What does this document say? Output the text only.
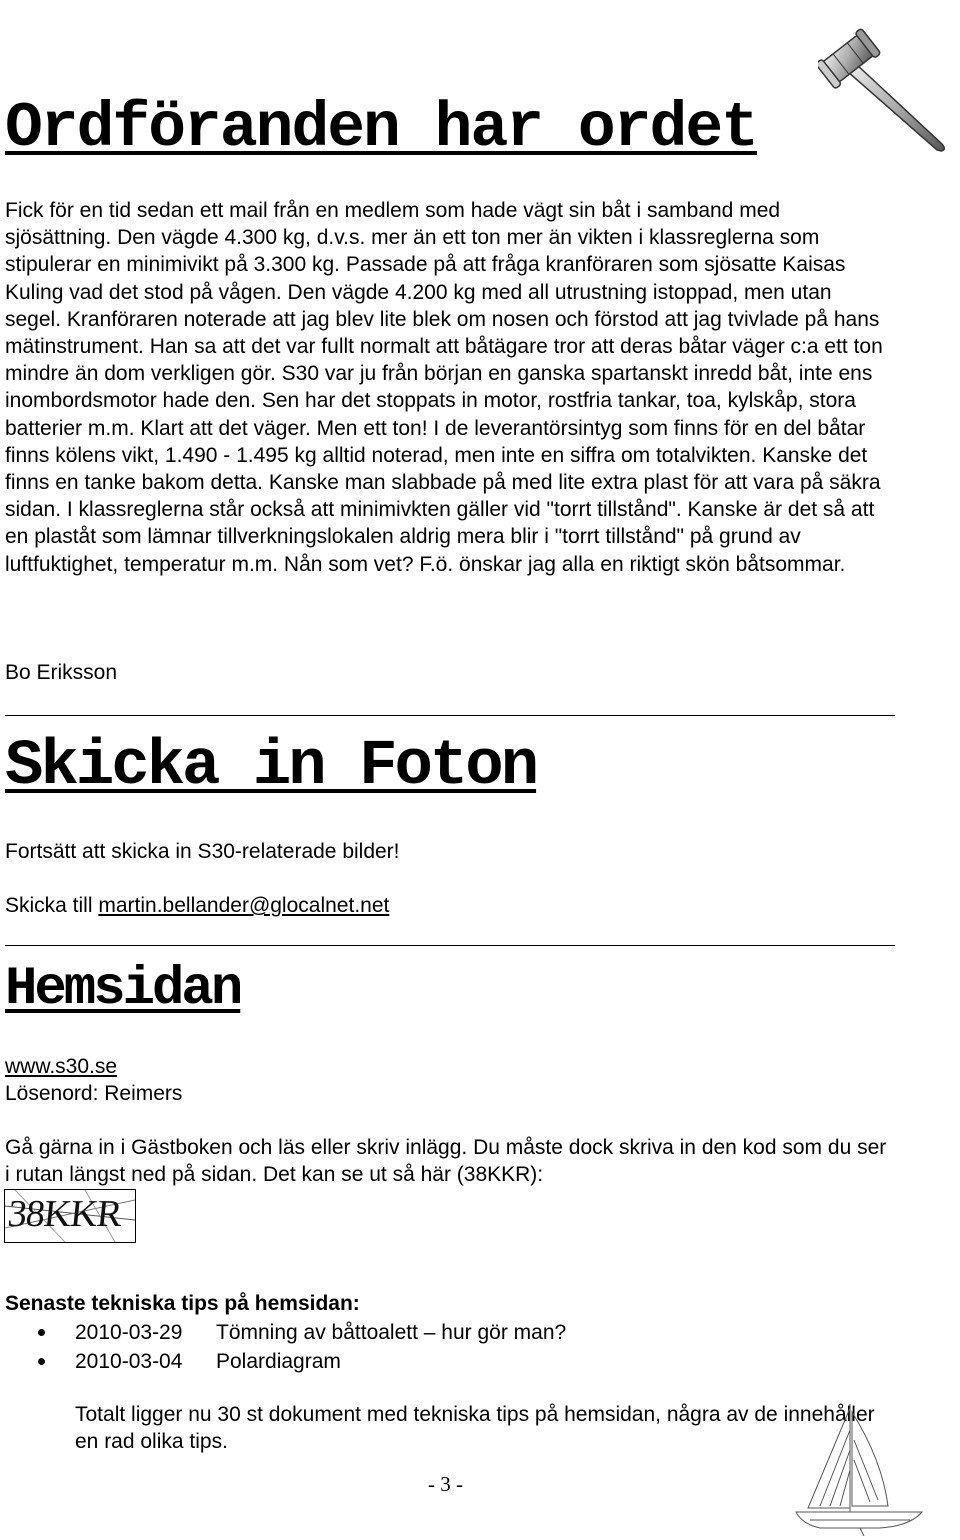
Ordföranden har ordet

Fick för en tid sedan ett mail från en medlem som hade vägt sin båt i samband med sjösättning. Den vägde 4.300 kg, d.v.s. mer än ett ton mer än vikten i klassreglerna som stipulerar en minimivikt på 3.300 kg. Passade på att fråga kranföraren som sjösatte Kaisas Kuling vad det stod på vågen. Den vägde 4.200 kg med all utrustning istoppad, men utan segel. Kranföraren noterade att jag blev lite blek om nosen och förstod att jag tvivlade på hans mätinstrument. Han sa att det var fullt normalt att båtägare tror att deras båtar väger c:a ett ton mindre än dom verkligen gör. S30 var ju från början en ganska spartanskt inredd båt, inte ens inombordsmotor hade den. Sen har det stoppats in motor, rostfria tankar, toa, kylskåp, stora batterier m.m. Klart att det väger. Men ett ton! I de leverantörsintyg som finns för en del båtar finns kölens vikt, 1.490 - 1.495 kg alltid noterad, men inte en siffra om totalvikten. Kanske det finns en tanke bakom detta. Kanske man slabbade på med lite extra plast för att vara på säkra sidan. I klassreglerna står också att minimivkten gäller vid "torrt tillstånd". Kanske är det så att en plaståt som lämnar tillverkningslokalen aldrig mera blir i "torrt tillstånd" på grund av luftfuktighet, temperatur m.m. Nån som vet? F.ö. önskar jag alla en riktigt skön båtsommar.

Bo Eriksson

Skicka in Foton

Fortsätt att skicka in S30-relaterade bilder!

Skicka till martin.bellander@glocalnet.net

Hemsidan

www.s30.se

Lösenord: Reimers

Gå gärna in i Gästboken och läs eller skriv inlägg. Du måste dock skriva in den kod som du ser i rutan längst ned på sidan. Det kan se ut så här (38KKR):

38KKR

Senaste tekniska tips på hemsidan:

2010-03-29 Tömning av båttoalett – hur gör man?
2010-03-04 Polardiagram

Totalt ligger nu 30 st dokument med tekniska tips på hemsidan, några av de innehåller en rad olika tips.

- 3 -
